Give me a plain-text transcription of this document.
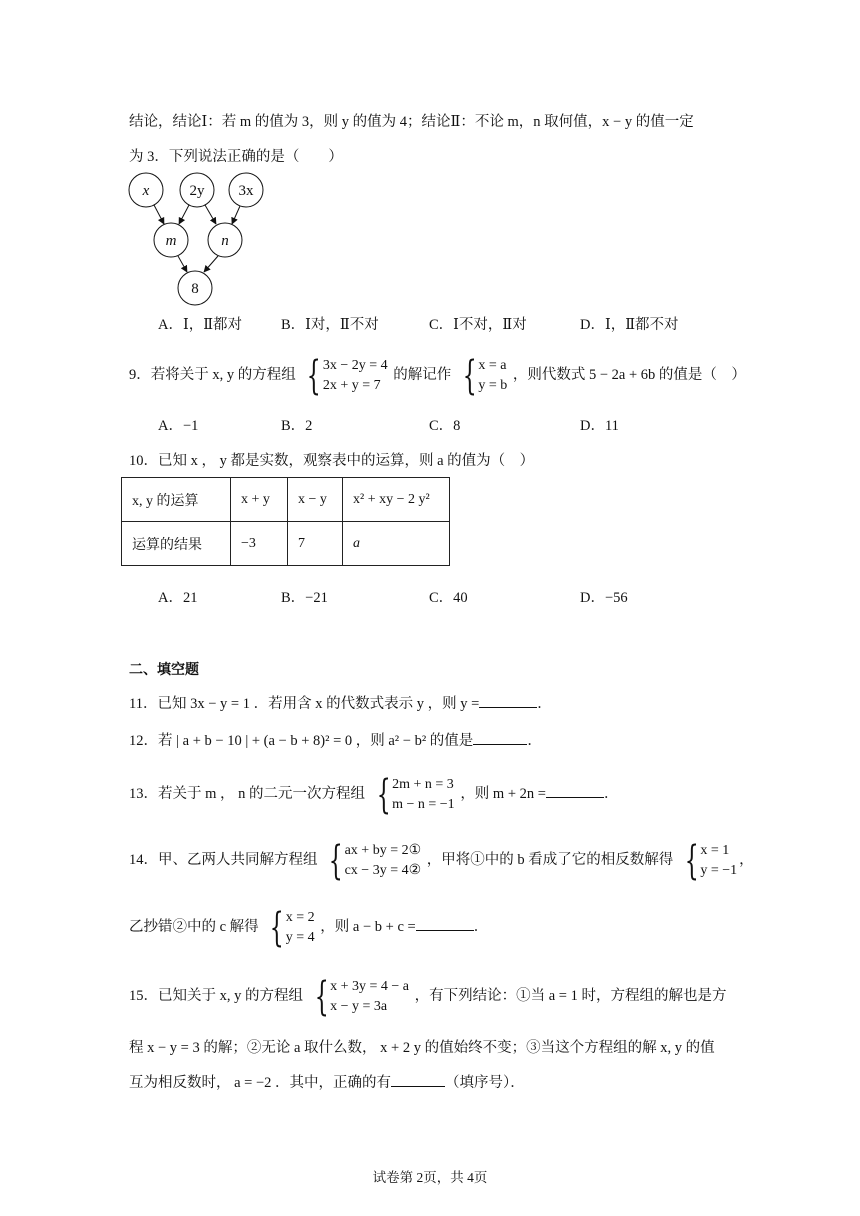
结论，结论Ⅰ：若 m 的值为 3，则 y 的值为 4；结论Ⅱ：不论 m，n 取何值，x − y 的值一定
为 3．下列说法正确的是（　　）
x	2y 3x
m	n
8
A．Ⅰ，Ⅱ都对	B．Ⅰ对，Ⅱ不对	C．Ⅰ不对，Ⅱ对	D．Ⅰ，Ⅱ都不对
9．若将关于 x, y 的方程组 { 3x − 2y = 4
2x + y = 7
的解记作 { x = a
y = b
，则代数式 5 − 2a + 6b 的值是（　）
A．−1	B．2	C．8	D．11
10．已知 x ， y 都是实数，观察表中的运算，则 a 的值为（　）
x, y 的运算	x + y	x − y	x² + xy − 2 y²
运算的结果	−3	7	a
A．21	B．−21	C．40	D．−56
二、填空题
11．已知 3x − y = 1 ．若用含 x 的代数式表示 y ，则 y =	．
12．若 | a + b − 10 | + (a − b + 8)² = 0 ，则 a² − b² 的值是	．
13．若关于 m ， n 的二元一次方程组 { 2m + n = 3
m − n = −1
，则 m + 2n =	．
14．甲、乙两人共同解方程组 { ax + by = 2①
cx − 3y = 4②
，甲将①中的 b 看成了它的相反数解得 { x = 1
y = −1
，
乙抄错②中的 c 解得 { x = 2
y = 4
，则 a − b + c =	．
15．已知关于 x, y 的方程组 { x + 3y = 4 − a
x − y = 3a
，有下列结论：①当 a = 1 时，方程组的解也是方
程 x − y = 3 的解；②无论 a 取什么数， x + 2 y 的值始终不变；③当这个方程组的解 x, y 的值
互为相反数时， a = −2 ．其中，正确的有	（填序号）．
试卷第 2页，共 4页
